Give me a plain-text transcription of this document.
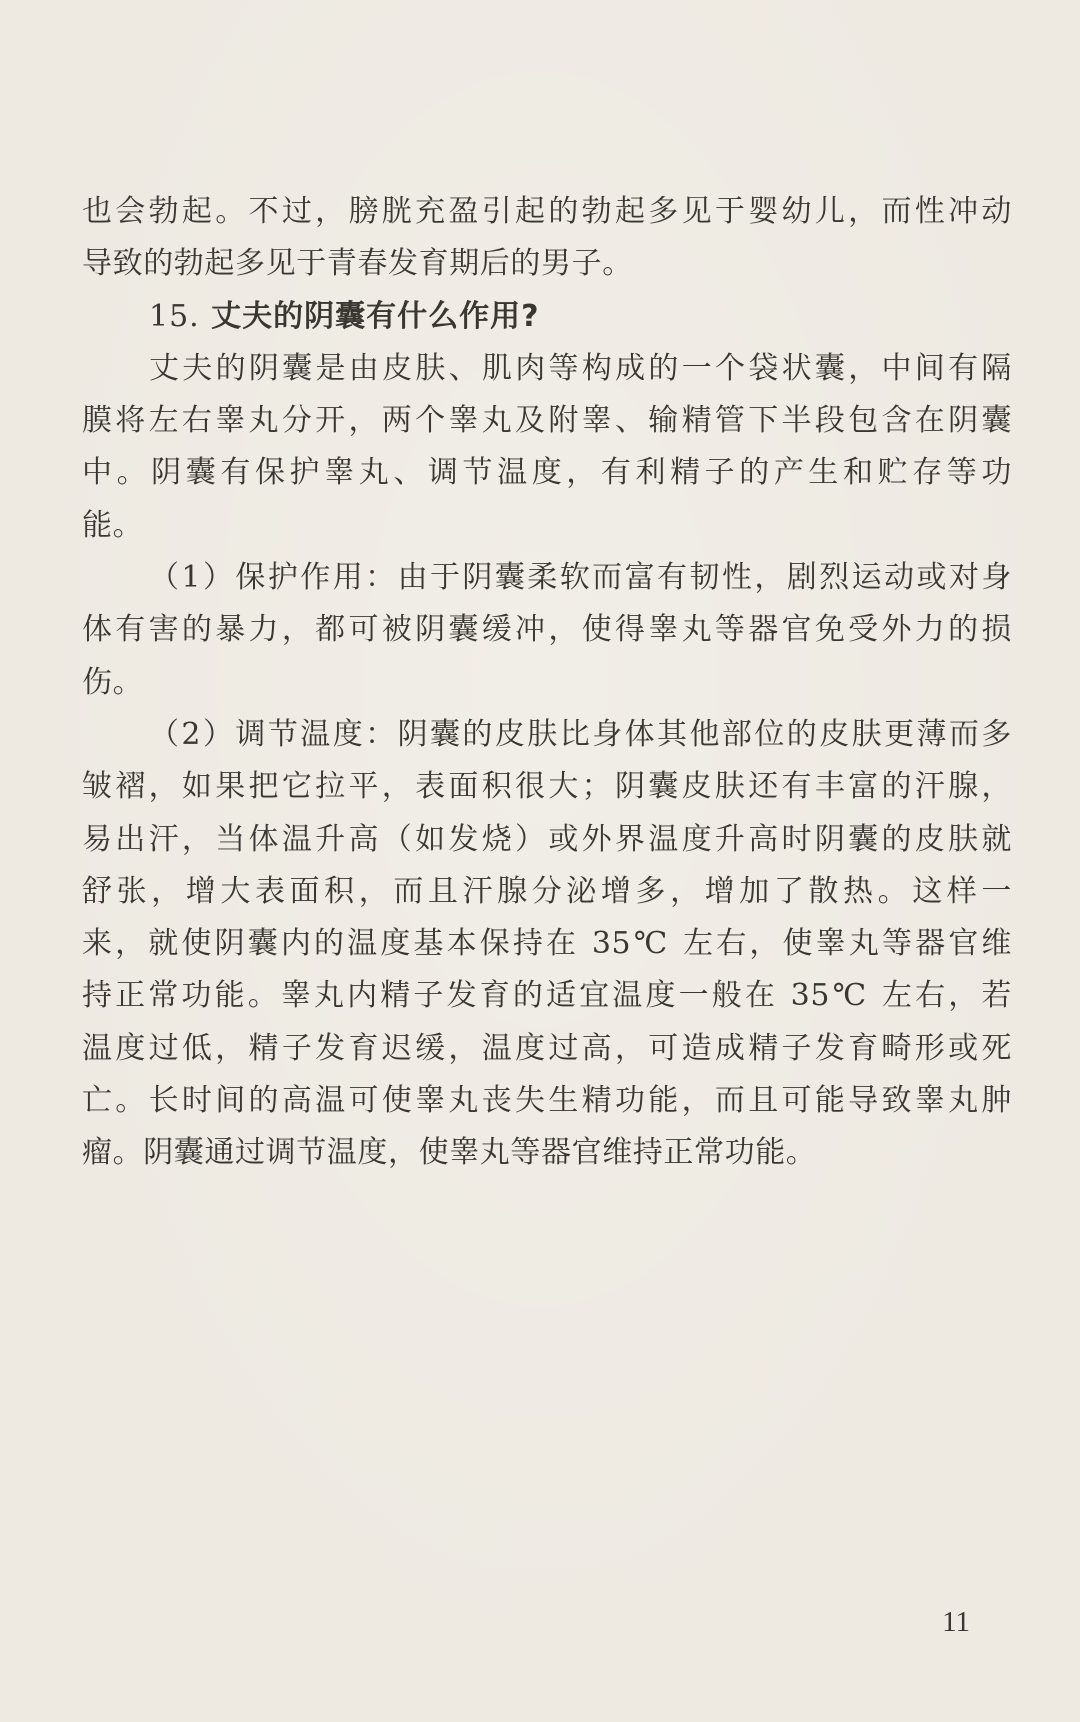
也会勃起。不过，膀胱充盈引起的勃起多见于婴幼儿，而性冲动
导致的勃起多见于青春发育期后的男子。
15. 丈夫的阴囊有什么作用?
丈夫的阴囊是由皮肤、肌肉等构成的一个袋状囊，中间有隔
膜将左右睾丸分开，两个睾丸及附睾、输精管下半段包含在阴囊
中。阴囊有保护睾丸、调节温度，有利精子的产生和贮存等功
能。
（1）保护作用：由于阴囊柔软而富有韧性，剧烈运动或对身
体有害的暴力，都可被阴囊缓冲，使得睾丸等器官免受外力的损
伤。
（2）调节温度：阴囊的皮肤比身体其他部位的皮肤更薄而多
皱褶，如果把它拉平，表面积很大；阴囊皮肤还有丰富的汗腺，
易出汗，当体温升高（如发烧）或外界温度升高时阴囊的皮肤就
舒张，增大表面积，而且汗腺分泌增多，增加了散热。这样一
来，就使阴囊内的温度基本保持在 35℃ 左右，使睾丸等器官维
持正常功能。睾丸内精子发育的适宜温度一般在 35℃ 左右，若
温度过低，精子发育迟缓，温度过高，可造成精子发育畸形或死
亡。长时间的高温可使睾丸丧失生精功能，而且可能导致睾丸肿
瘤。阴囊通过调节温度，使睾丸等器官维持正常功能。
11
